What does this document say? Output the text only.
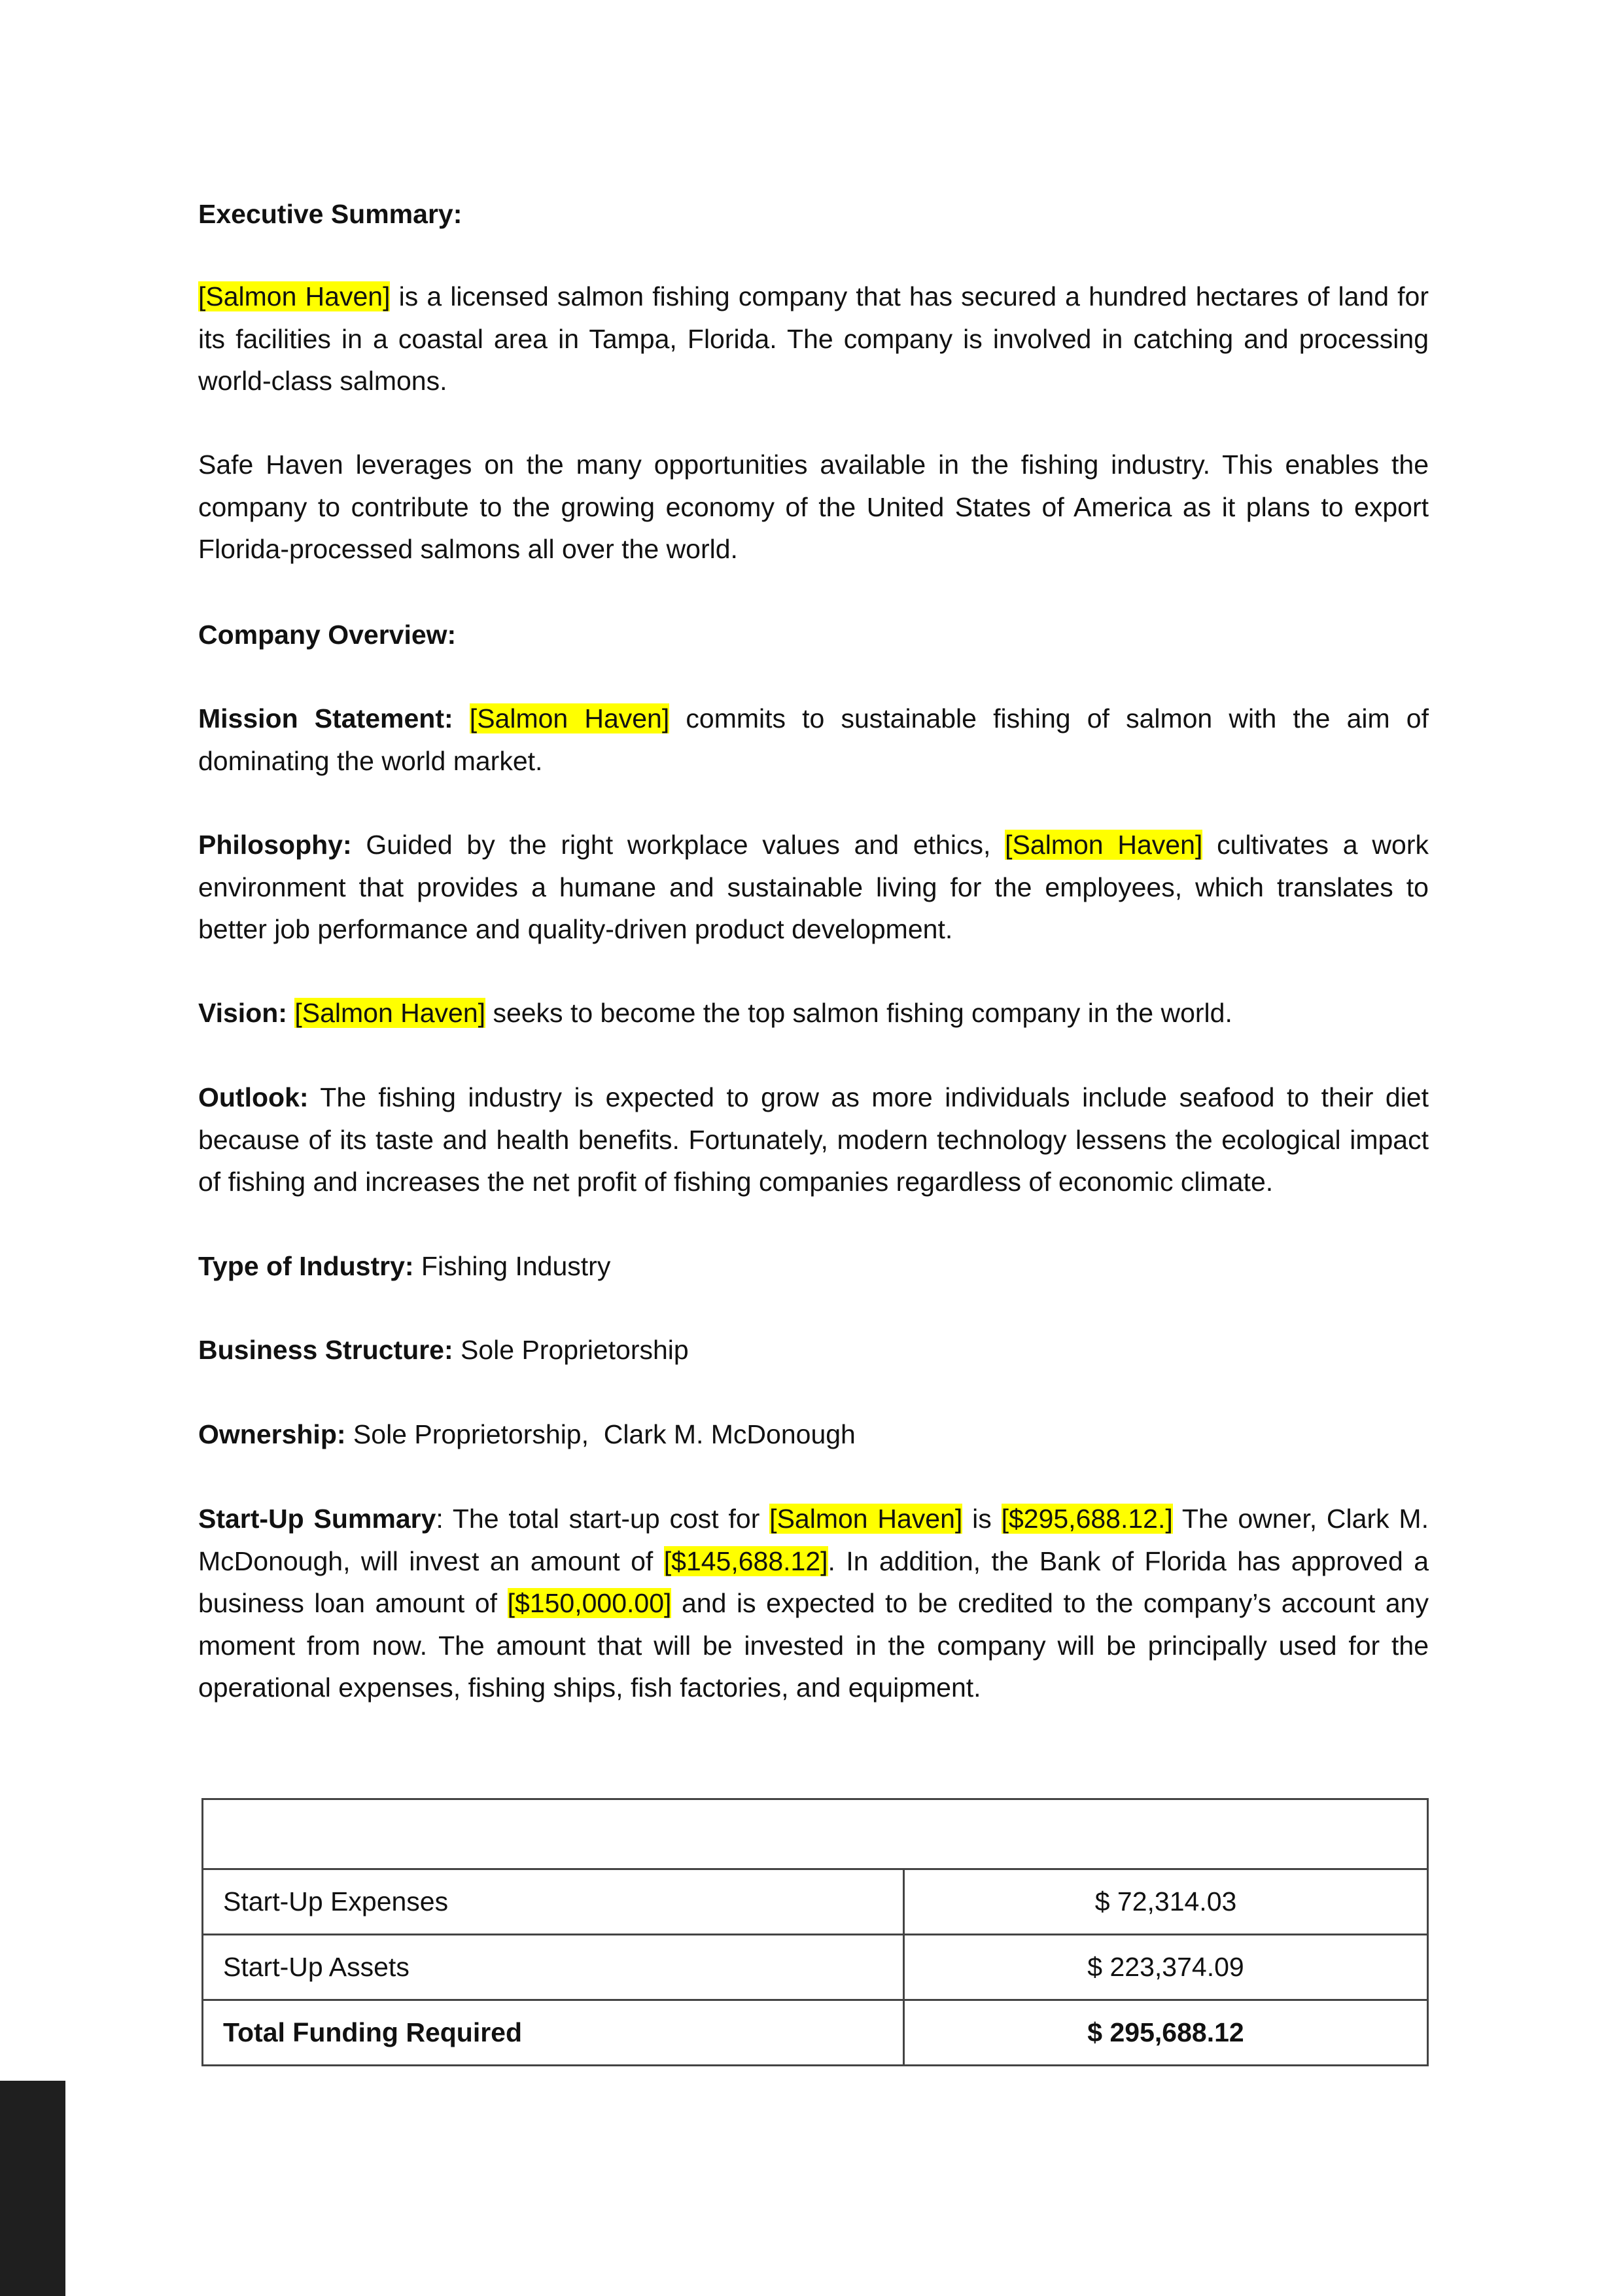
Executive Summary:

[Salmon Haven] is a licensed salmon fishing company that has secured a hundred hectares of land for its facilities in a coastal area in Tampa, Florida. The company is involved in catching and processing world-class salmons.

Safe Haven leverages on the many opportunities available in the fishing industry. This enables the company to contribute to the growing economy of the United States of America as it plans to export Florida-processed salmons all over the world.

Company Overview:

Mission Statement: [Salmon Haven] commits to sustainable fishing of salmon with the aim of dominating the world market.

Philosophy: Guided by the right workplace values and ethics, [Salmon Haven] cultivates a work environment that provides a humane and sustainable living for the employees, which translates to better job performance and quality-driven product development.

Vision: [Salmon Haven] seeks to become the top salmon fishing company in the world.

Outlook: The fishing industry is expected to grow as more individuals include seafood to their diet because of its taste and health benefits. Fortunately, modern technology lessens the ecological impact of fishing and increases the net profit of fishing companies regardless of economic climate.

Type of Industry: Fishing Industry

Business Structure: Sole Proprietorship

Ownership: Sole Proprietorship,  Clark M. McDonough

Start-Up Summary: The total start-up cost for [Salmon Haven] is [$295,688.12.] The owner, Clark M. McDonough, will invest an amount of [$145,688.12]. In addition, the Bank of Florida has approved a business loan amount of [$150,000.00] and is expected to be credited to the company’s account any moment from now. The amount that will be invested in the company will be principally used for the operational expenses, fishing ships, fish factories, and equipment.

Start-Up Expenses	$ 72,314.03
Start-Up Assets	$ 223,374.09
Total Funding Required	$ 295,688.12
